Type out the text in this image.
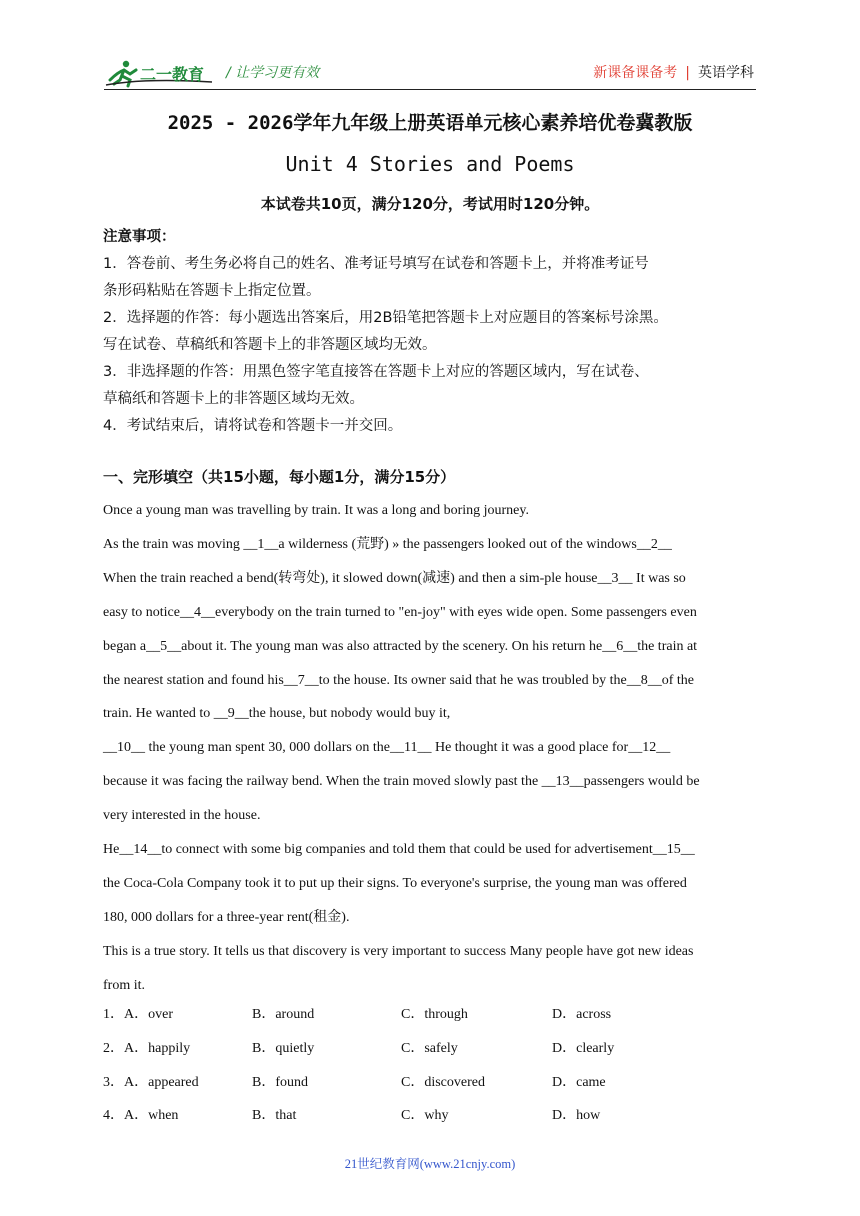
二一教育 / 让学习更有效	新课备课备考 | 英语学科
2025 - 2026学年九年级上册英语单元核心素养培优卷冀教版
Unit 4 Stories and Poems
本试卷共10页，满分120分，考试用时120分钟。
注意事项：
1．答卷前、考生务必将自己的姓名、准考证号填写在试卷和答题卡上，并将准考证号
条形码粘贴在答题卡上指定位置。
2．选择题的作答：每小题选出答案后，用2B铅笔把答题卡上对应题目的答案标号涂黑。
写在试卷、草稿纸和答题卡上的非答题区域均无效。
3．非选择题的作答：用黑色签字笔直接答在答题卡上对应的答题区域内，写在试卷、
草稿纸和答题卡上的非答题区域均无效。
4．考试结束后，请将试卷和答题卡一并交回。
一、完形填空（共15小题，每小题1分，满分15分）

Once a young man was travelling by train. It was a long and boring journey.

As the train was moving __1__a wilderness (荒野) » the passengers looked out of the windows__2__

When the train reached a bend(转弯处), it slowed down(减速) and then a sim-ple house__3__ It was so

easy to notice__4__everybody on the train turned to "en-joy" with eyes wide open. Some passengers even

began a__5__about it. The young man was also attracted by the scenery. On his return he__6__the train at

the nearest station and found his__7__to the house. Its owner said that he was troubled by the__8__of the

train. He wanted to __9__the house, but nobody would buy it,

__10__ the young man spent 30, 000 dollars on the__11__ He thought it was a good place for__12__

because it was facing the railway bend. When the train moved slowly past the __13__passengers would be

very interested in the house.

He__14__to connect with some big companies and told them that could be used for advertisement__15__

the Coca-Cola Company took it to put up their signs. To everyone's surprise, the young man was offered

180, 000 dollars for a three-year rent(租金).

This is a true story. It tells us that discovery is very important to success Many people have got new ideas

from it.

1．A．over	B．around	C．through	D．across
2．A．happily	B．quietly	C．safely	D．clearly
3．A．appeared	B．found	C．discovered	D．came
4．A．when	B．that	C．why	D．how
21世纪教育网(www.21cnjy.com)
